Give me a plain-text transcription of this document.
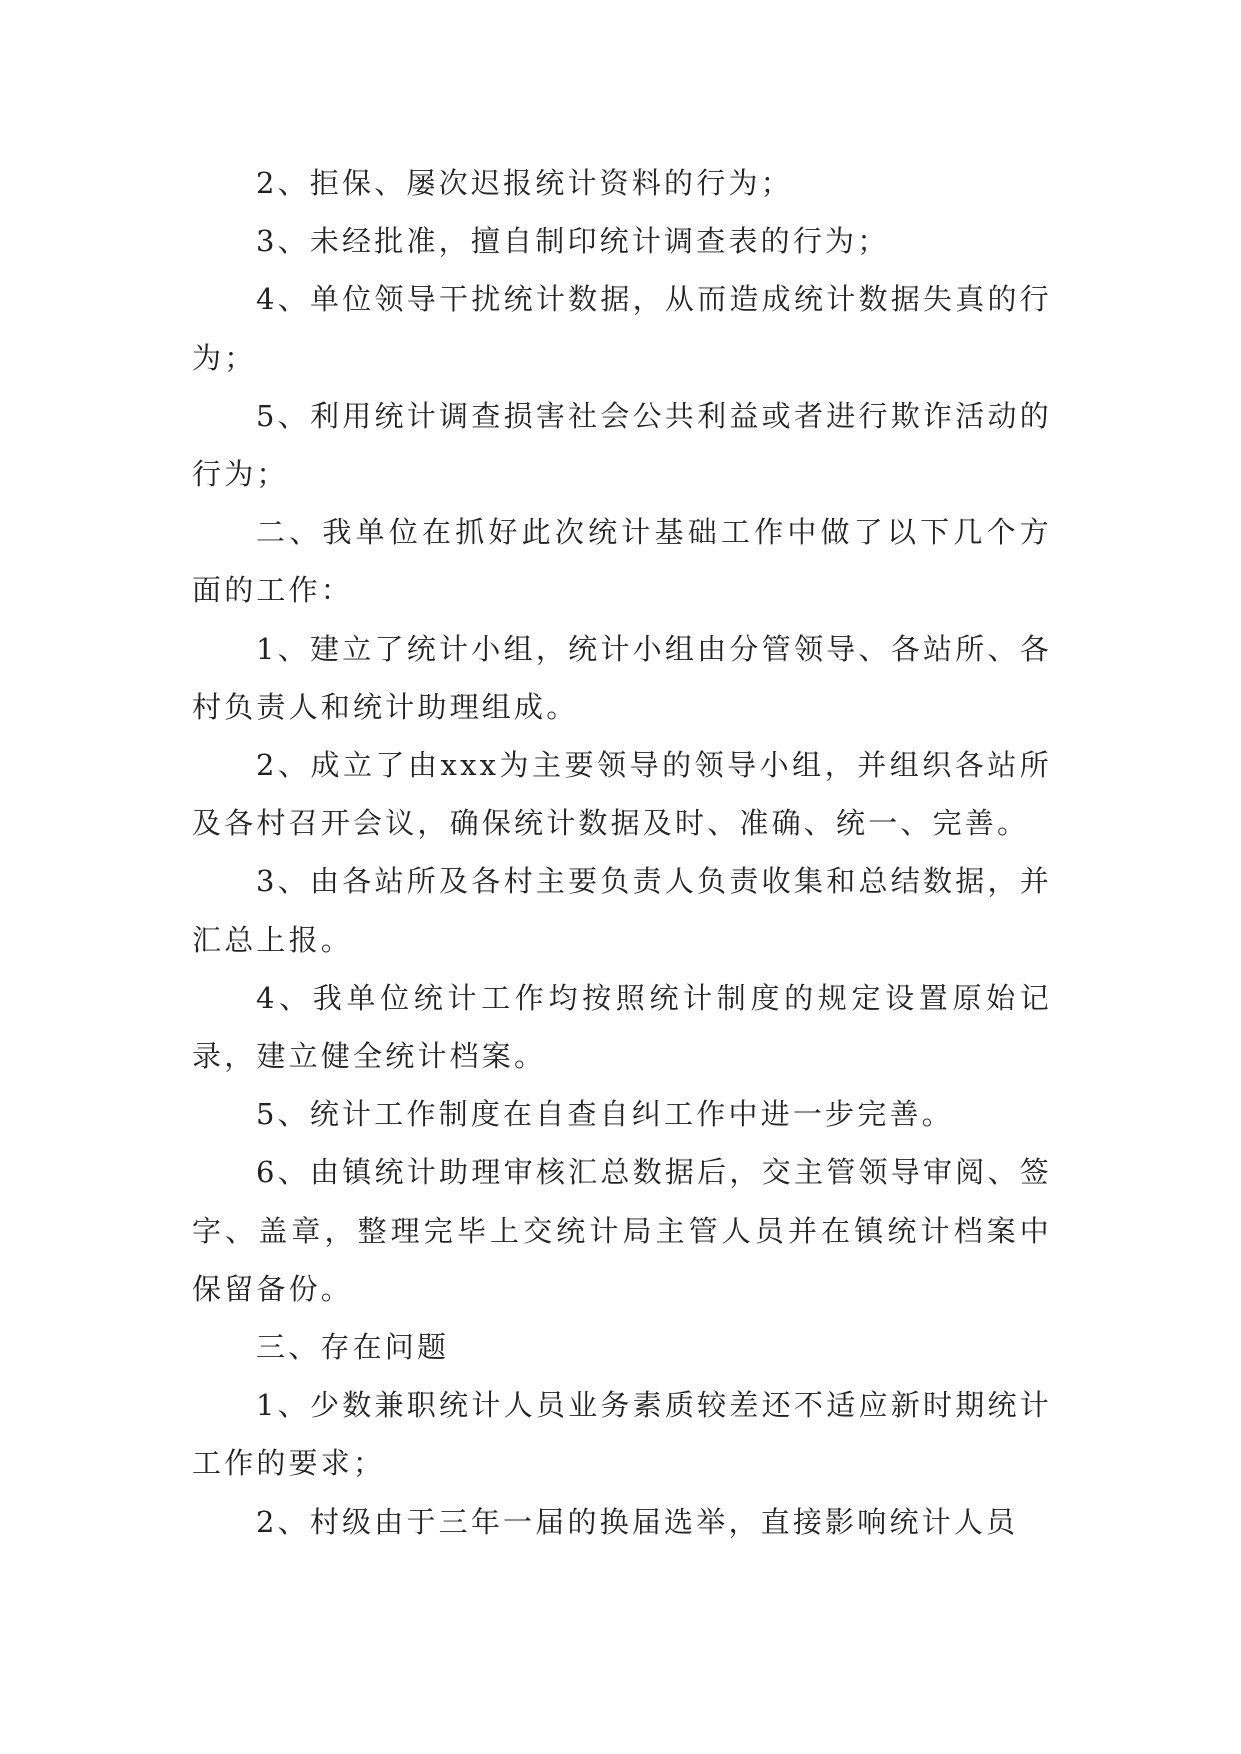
2、拒保、屡次迟报统计资料的行为；

3、未经批准，擅自制印统计调查表的行为；

4、单位领导干扰统计数据，从而造成统计数据失真的行为；

5、利用统计调查损害社会公共利益或者进行欺诈活动的行为；

二、我单位在抓好此次统计基础工作中做了以下几个方面的工作：

1、建立了统计小组，统计小组由分管领导、各站所、各村负责人和统计助理组成。

2、成立了由xxx为主要领导的领导小组，并组织各站所及各村召开会议，确保统计数据及时、准确、统一、完善。

3、由各站所及各村主要负责人负责收集和总结数据，并汇总上报。

4、我单位统计工作均按照统计制度的规定设置原始记录，建立健全统计档案。

5、统计工作制度在自查自纠工作中进一步完善。

6、由镇统计助理审核汇总数据后，交主管领导审阅、签字、盖章，整理完毕上交统计局主管人员并在镇统计档案中保留备份。

三、存在问题

1、少数兼职统计人员业务素质较差还不适应新时期统计工作的要求；

2、村级由于三年一届的换届选举，直接影响统计人员
